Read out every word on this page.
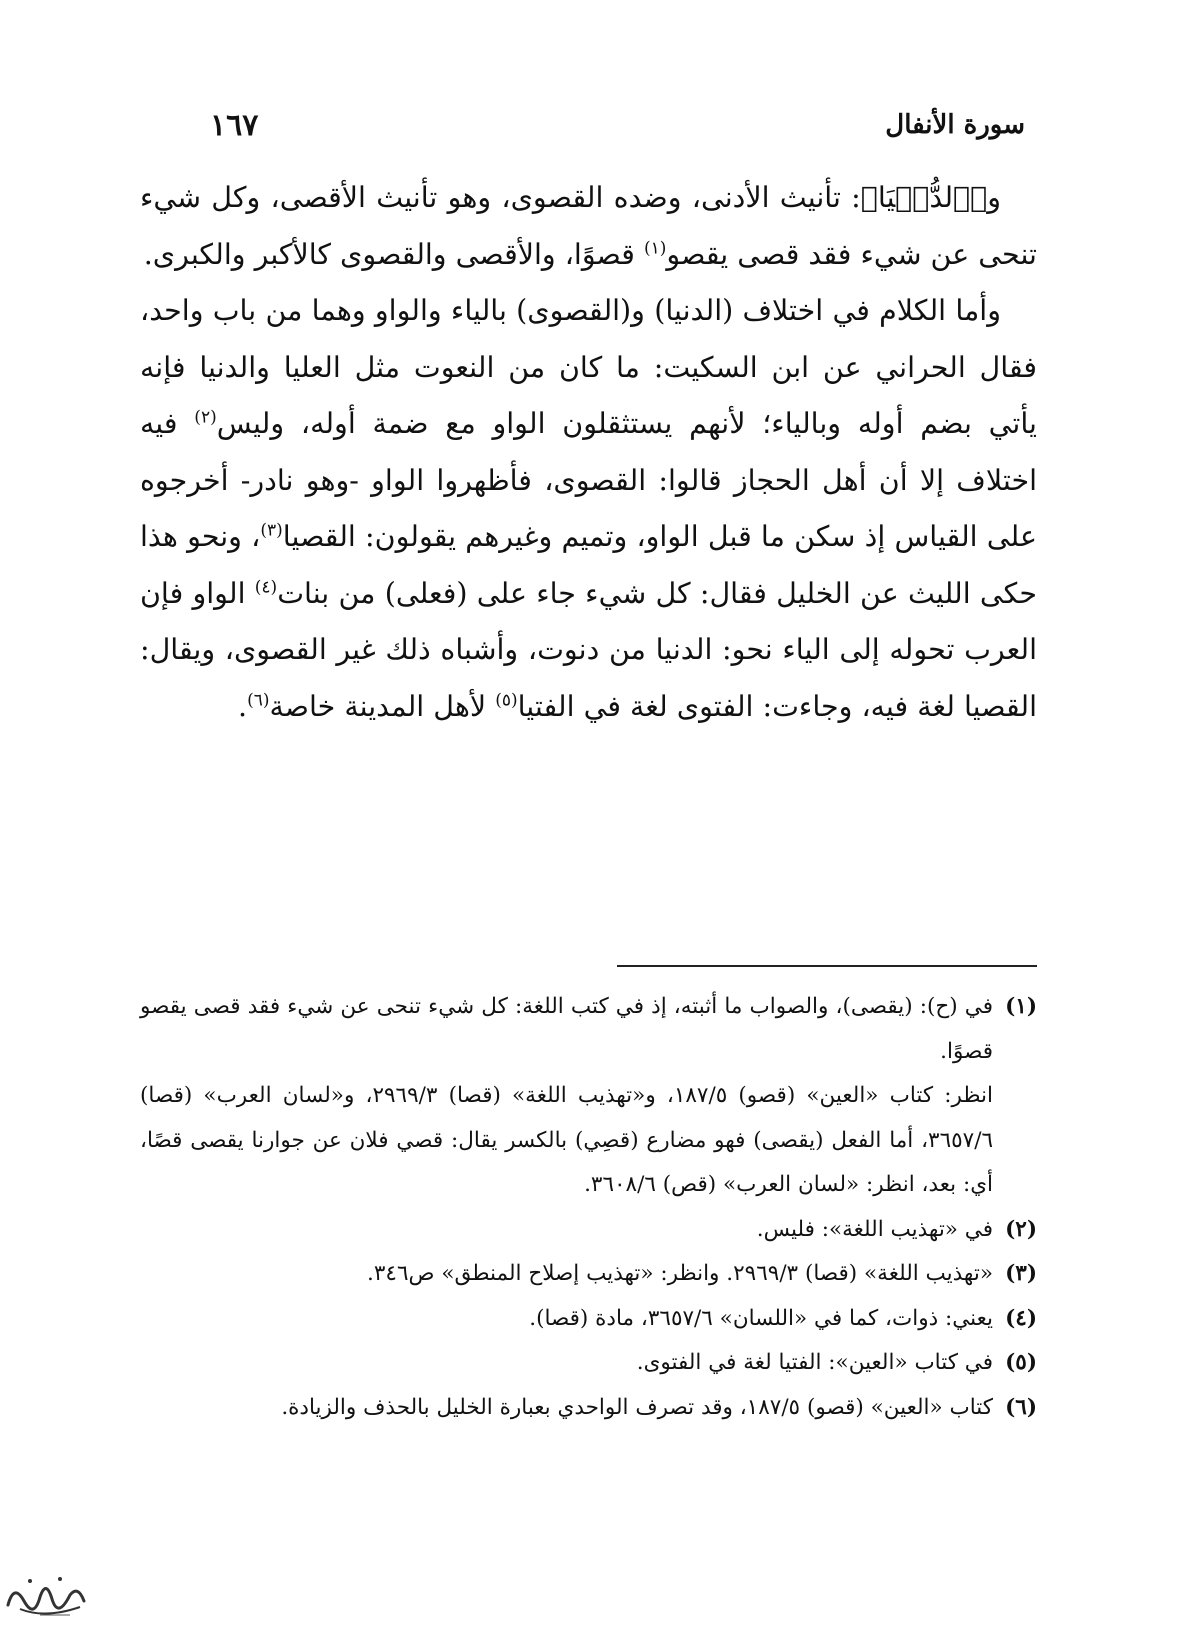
سورة الأنفال
١٦٧

و﴿ٱلدُّنۡيَا﴾: تأنيث الأدنى، وضده القصوى، وهو تأنيث الأقصى، وكل شيء تنحى عن شيء فقد قصى يقصو$^{(١)}$ قصوًا، والأقصى والقصوى كالأكبر والكبرى.

وأما الكلام في اختلاف (الدنيا) و(القصوى) بالياء والواو وهما من باب واحد، فقال الحراني عن ابن السكيت: ما كان من النعوت مثل العليا والدنيا فإنه يأتي بضم أوله وبالياء؛ لأنهم يستثقلون الواو مع ضمة أوله، وليس$^{(٢)}$ فيه اختلاف إلا أن أهل الحجاز قالوا: القصوى، فأظهروا الواو -وهو نادر- أخرجوه على القياس إذ سكن ما قبل الواو، وتميم وغيرهم يقولون: القصيا$^{(٣)}$، ونحو هذا حكى الليث عن الخليل فقال: كل شيء جاء على (فعلى) من بنات$^{(٤)}$ الواو فإن العرب تحوله إلى الياء نحو: الدنيا من دنوت، وأشباه ذلك غير القصوى، ويقال: القصيا لغة فيه، وجاءت: الفتوى لغة في الفتيا$^{(٥)}$ لأهل المدينة خاصة$^{(٦)}$.

(١)
في (ح): (يقصى)، والصواب ما أثبته، إذ في كتب اللغة: كل شيء تنحى عن شيء فقد قصى يقصو قصوًا.
انظر: كتاب «العين» (قصو) ١٨٧/٥، و«تهذيب اللغة» (قصا) ٢٩٦٩/٣، و«لسان العرب» (قصا) ٣٦٥٧/٦، أما الفعل (يقصى) فهو مضارع (قصِي) بالكسر يقال: قصي فلان عن جوارنا يقصى قصًا، أي: بعد، انظر: «لسان العرب» (قص) ٣٦٠٨/٦.
(٢)
في «تهذيب اللغة»: فليس.
(٣)
«تهذيب اللغة» (قصا) ٢٩٦٩/٣. وانظر: «تهذيب إصلاح المنطق» ص٣٤٦.
(٤)
يعني: ذوات، كما في «اللسان» ٣٦٥٧/٦، مادة (قصا).
(٥)
في كتاب «العين»: الفتيا لغة في الفتوى.
(٦)
كتاب «العين» (قصو) ١٨٧/٥، وقد تصرف الواحدي بعبارة الخليل بالحذف والزيادة.
